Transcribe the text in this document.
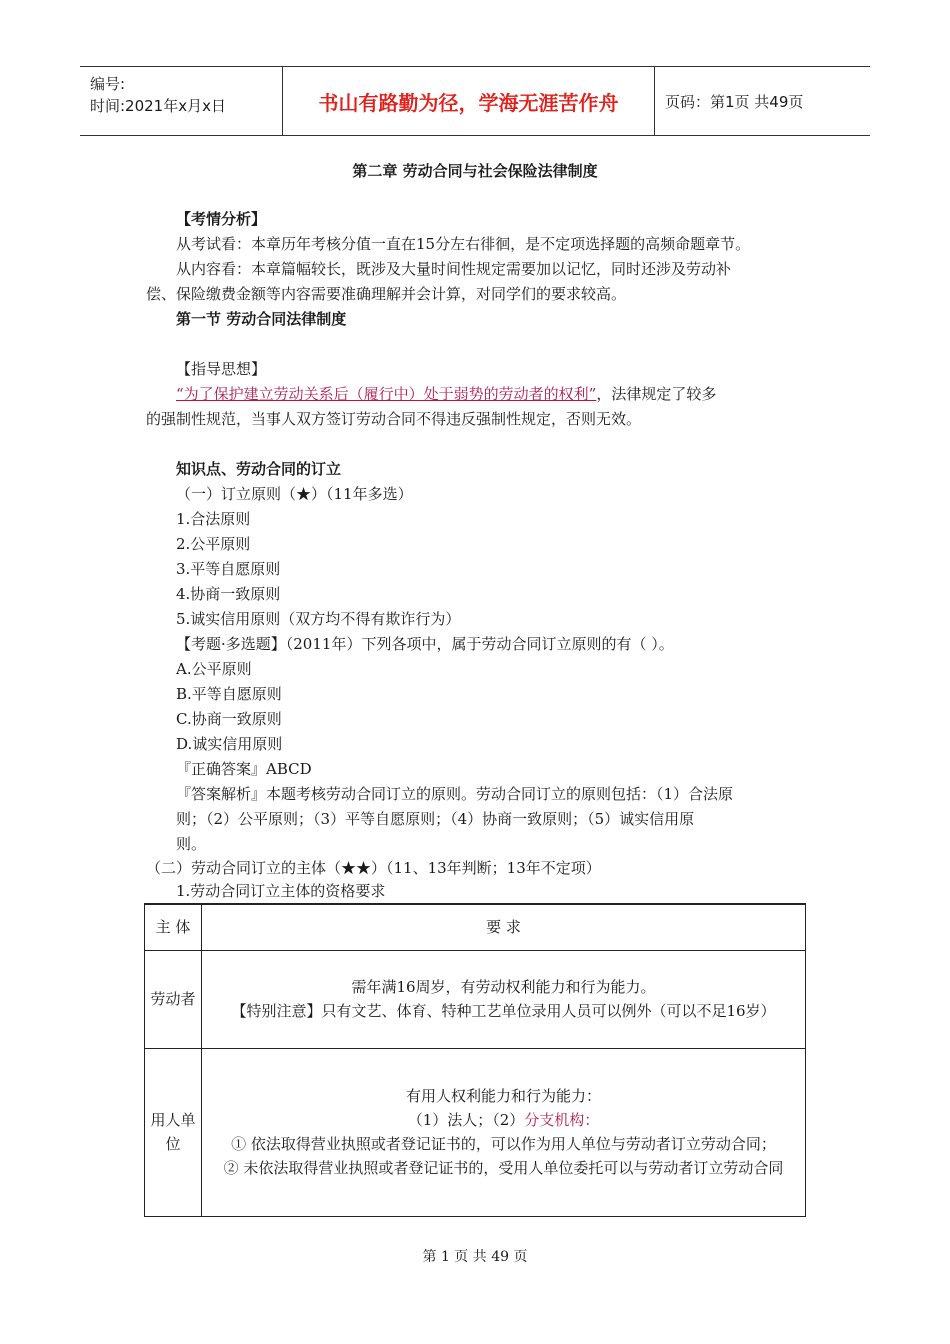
编号:
时间:2021年x月x日	书山有路勤为径，学海无涯苦作舟	页码：第1页 共49页
第二章 劳动合同与社会保险法律制度
【考情分析】
从考试看：本章历年考核分值一直在15分左右徘徊，是不定项选择题的高频命题章节。
从内容看：本章篇幅较长，既涉及大量时间性规定需要加以记忆，同时还涉及劳动补
偿、保险缴费金额等内容需要准确理解并会计算，对同学们的要求较高。
第一节 劳动合同法律制度
【指导思想】
“为了保护建立劳动关系后（履行中）处于弱势的劳动者的权利”，法律规定了较多
的强制性规范，当事人双方签订劳动合同不得违反强制性规定，否则无效。
知识点、劳动合同的订立
（一）订立原则（★）（11年多选）
1.合法原则
2.公平原则
3.平等自愿原则
4.协商一致原则
5.诚实信用原则（双方均不得有欺诈行为）
【考题·多选题】（2011年）下列各项中，属于劳动合同订立原则的有（ ）。
A.公平原则
B.平等自愿原则
C.协商一致原则
D.诚实信用原则
『正确答案』ABCD
『答案解析』本题考核劳动合同订立的原则。劳动合同订立的原则包括：（1）合法原
则；（2）公平原则；（3）平等自愿原则；（4）协商一致原则；（5）诚实信用原
则。
（二）劳动合同订立的主体（★★）（11、13年判断；13年不定项）
1.劳动合同订立主体的资格要求
主 体	要 求
劳动者	需年满16周岁，有劳动权利能力和行为能力。
【特别注意】只有文艺、体育、特种工艺单位录用人员可以例外（可以不足16岁）

用人单位	有用人权利能力和行为能力：
（1）法人；（2）分支机构：
① 依法取得营业执照或者登记证书的，可以作为用人单位与劳动者订立劳动合同；
② 未依法取得营业执照或者登记证书的，受用人单位委托可以与劳动者订立劳动合同
第 1 页 共 49 页
